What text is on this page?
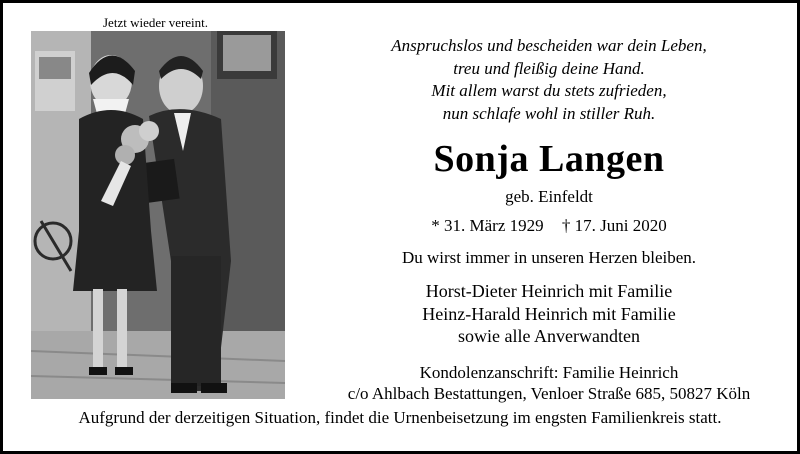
Jetzt wieder vereint.
Anspruchslos und bescheiden war dein Leben,
treu und fleißig deine Hand.
Mit allem warst du stets zufrieden,
nun schlafe wohl in stiller Ruh.
Sonja Langen
geb. Einfeldt
* 31. März 1929 † 17. Juni 2020
Du wirst immer in unseren Herzen bleiben.
Horst-Dieter Heinrich mit Familie
Heinz-Harald Heinrich mit Familie
sowie alle Anverwandten
Kondolenzanschrift: Familie Heinrich
c/o Ahlbach Bestattungen, Venloer Straße 685, 50827 Köln
Aufgrund der derzeitigen Situation, findet die Urnenbeisetzung im engsten Familienkreis statt.
